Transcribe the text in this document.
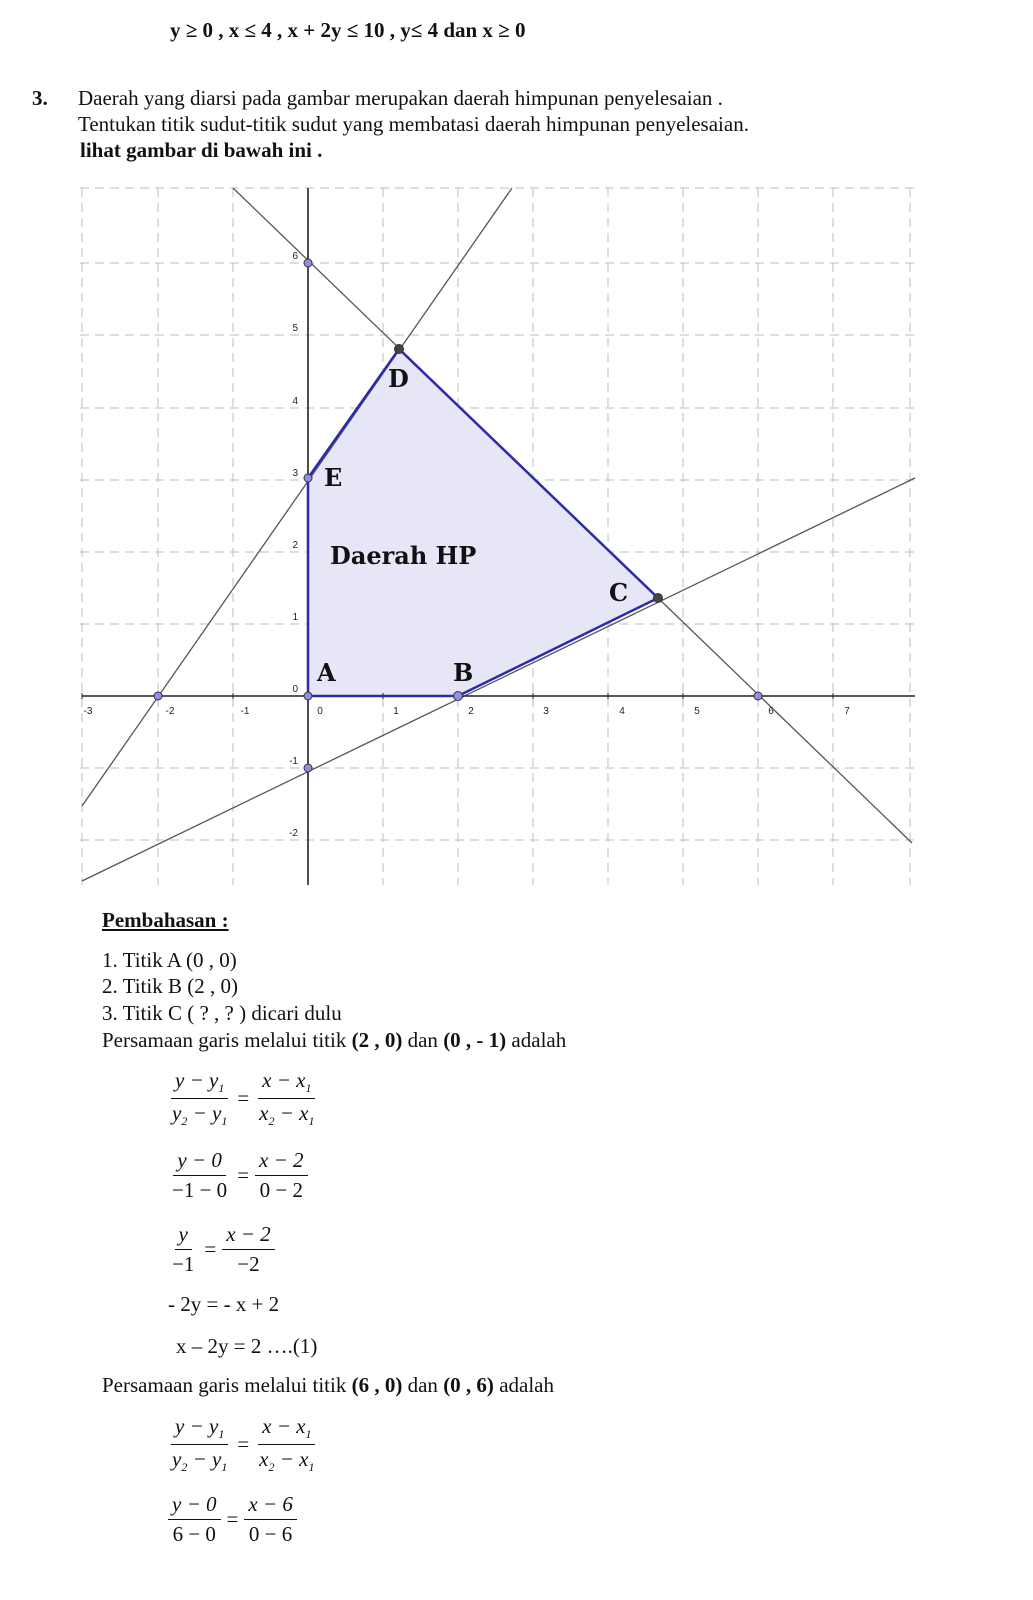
y ≥ 0 , x ≤ 4 , x + 2y ≤ 10 , y≤ 4 dan x ≥ 0
3. Daerah yang diarsi pada gambar merupakan daerah himpunan penyelesaian .
Tentukan titik sudut-titik sudut yang membatasi daerah himpunan penyelesaian.
lihat gambar di bawah ini .
-3	-2	-1	0	1	2	3	4	5	6	7
-2
-1
0
1
2
3
4
5
6
D
E
C
A	B
Daerah HP
Pembahasan :
1. Titik A (0 , 0)
2. Titik B (2 , 0)
3. Titik C ( ? , ? ) dicari dulu
Persamaan garis melalui titik (2 , 0) dan (0 , - 1) adalah
$\frac{y - y_1}{y_2 - y_1} = \frac{x - x_1}{x_2 - x_1}$
$\frac{y - 0}{-1 - 0} = \frac{x - 2}{0 - 2}$
$\frac{y}{-1} = \frac{x - 2}{-2}$
- 2y = - x + 2
x – 2y = 2 ….(1)
Persamaan garis melalui titik (6 , 0) dan (0 , 6) adalah
$\frac{y - y_1}{y_2 - y_1} = \frac{x - x_1}{x_2 - x_1}$
$\frac{y - 0}{6 - 0} = \frac{x - 6}{0 - 6}$
